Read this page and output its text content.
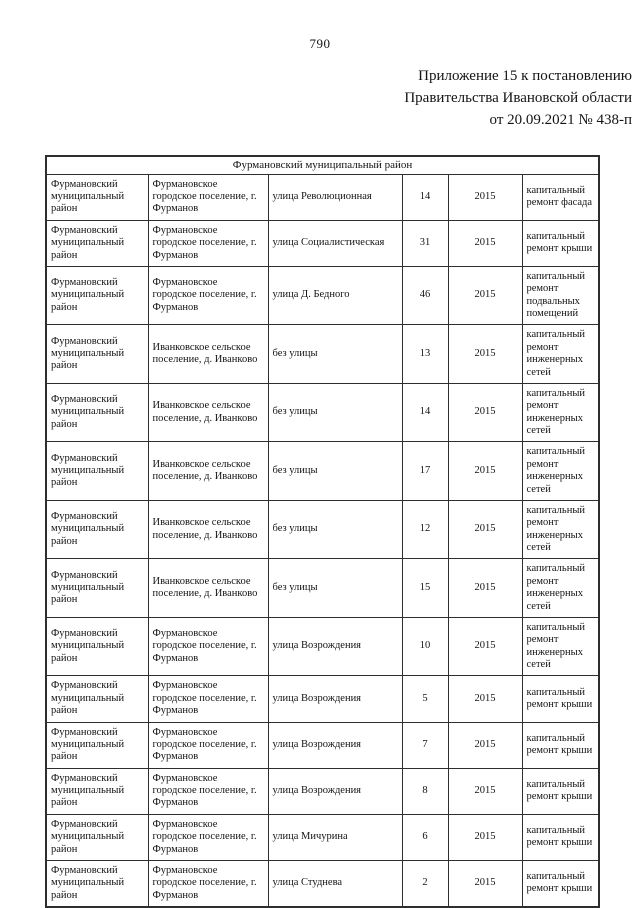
790
Приложение 15 к постановлению
Правительства Ивановской области
от 20.09.2021 № 438-п
Фурмановский муниципальный район					
Фурмановский муниципальный район	Фурмановское городское поселение, г. Фурманов	улица Революционная	14	2015	капитальный ремонт фасада
Фурмановский муниципальный район	Фурмановское городское поселение, г. Фурманов	улица Социалистическая	31	2015	капитальный ремонт крыши
Фурмановский муниципальный район	Фурмановское городское поселение, г. Фурманов	улица Д. Бедного	46	2015	капитальный ремонт подвальных помещений
Фурмановский муниципальный район	Иванковское сельское поселение, д. Иванково	без улицы	13	2015	капитальный ремонт инженерных сетей
Фурмановский муниципальный район	Иванковское сельское поселение, д. Иванково	без улицы	14	2015	капитальный ремонт инженерных сетей
Фурмановский муниципальный район	Иванковское сельское поселение, д. Иванково	без улицы	17	2015	капитальный ремонт инженерных сетей
Фурмановский муниципальный район	Иванковское сельское поселение, д. Иванково	без улицы	12	2015	капитальный ремонт инженерных сетей
Фурмановский муниципальный район	Иванковское сельское поселение, д. Иванково	без улицы	15	2015	капитальный ремонт инженерных сетей
Фурмановский муниципальный район	Фурмановское городское поселение, г. Фурманов	улица Возрождения	10	2015	капитальный ремонт инженерных сетей
Фурмановский муниципальный район	Фурмановское городское поселение, г. Фурманов	улица Возрождения	5	2015	капитальный ремонт крыши
Фурмановский муниципальный район	Фурмановское городское поселение, г. Фурманов	улица Возрождения	7	2015	капитальный ремонт крыши
Фурмановский муниципальный район	Фурмановское городское поселение, г. Фурманов	улица Возрождения	8	2015	капитальный ремонт крыши
Фурмановский муниципальный район	Фурмановское городское поселение, г. Фурманов	улица Мичурина	6	2015	капитальный ремонт крыши
Фурмановский муниципальный район	Фурмановское городское поселение, г. Фурманов	улица Студнева	2	2015	капитальный ремонт крыши
